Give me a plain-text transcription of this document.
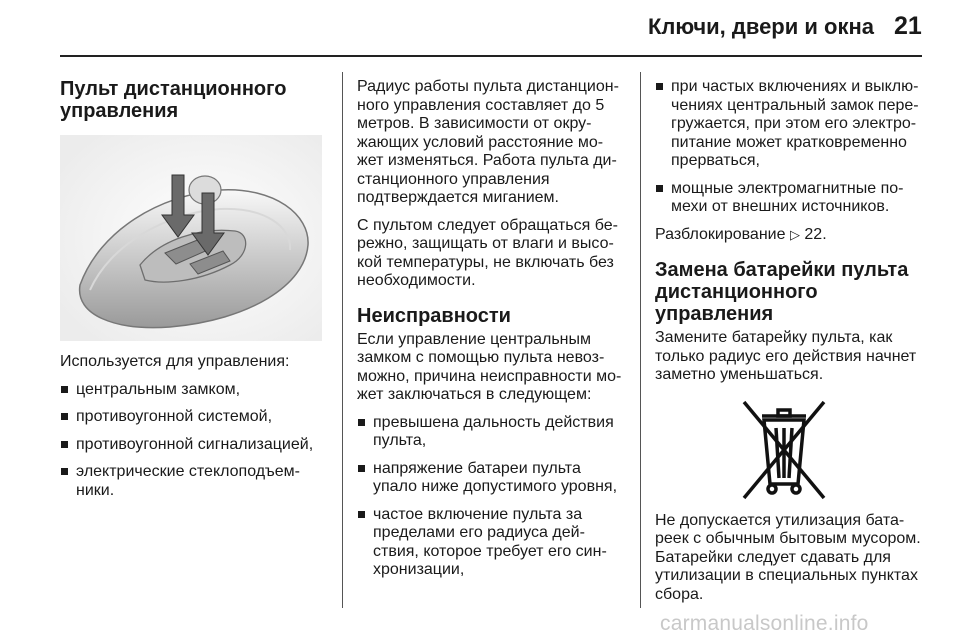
Ключи, двери и окна 21
Пульт дистанционного управления

Используется для управления:

центральным замком,
противоугонной системой,
противоугонной сигнализацией,
электрические стеклоподъем-ники.

Радиус работы пульта дистанцион-ного управления составляет до 5 метров. В зависимости от окру-жающих условий расстояние мо-жет изменяться. Работа пульта ди-станционного управления подтверждается миганием.

С пультом следует обращаться бе-режно, защищать от влаги и высо-кой температуры, не включать без необходимости.

Неисправности

Если управление центральным замком с помощью пульта невоз-можно, причина неисправности мо-жет заключаться в следующем:

превышена дальность действия пульта,
напряжение батареи пульта упало ниже допустимого уровня,
частое включение пульта за пределами его радиуса дей-ствия, которое требует его син-хронизации,
при частых включениях и выклю-чениях центральный замок пере-гружается, при этом его электро-питание может кратковременно прерваться,
мощные электромагнитные по-мехи от внешних источников.

Разблокирование ▷ 22.

Замена батарейки пульта дистанционного управления

Замените батарейку пульта, как только радиус его действия начнет заметно уменьшаться.

Не допускается утилизация бата-реек с обычным бытовым мусором. Батарейки следует сдавать для утилизации в специальных пунктах сбора.

carmanualsonline.info
